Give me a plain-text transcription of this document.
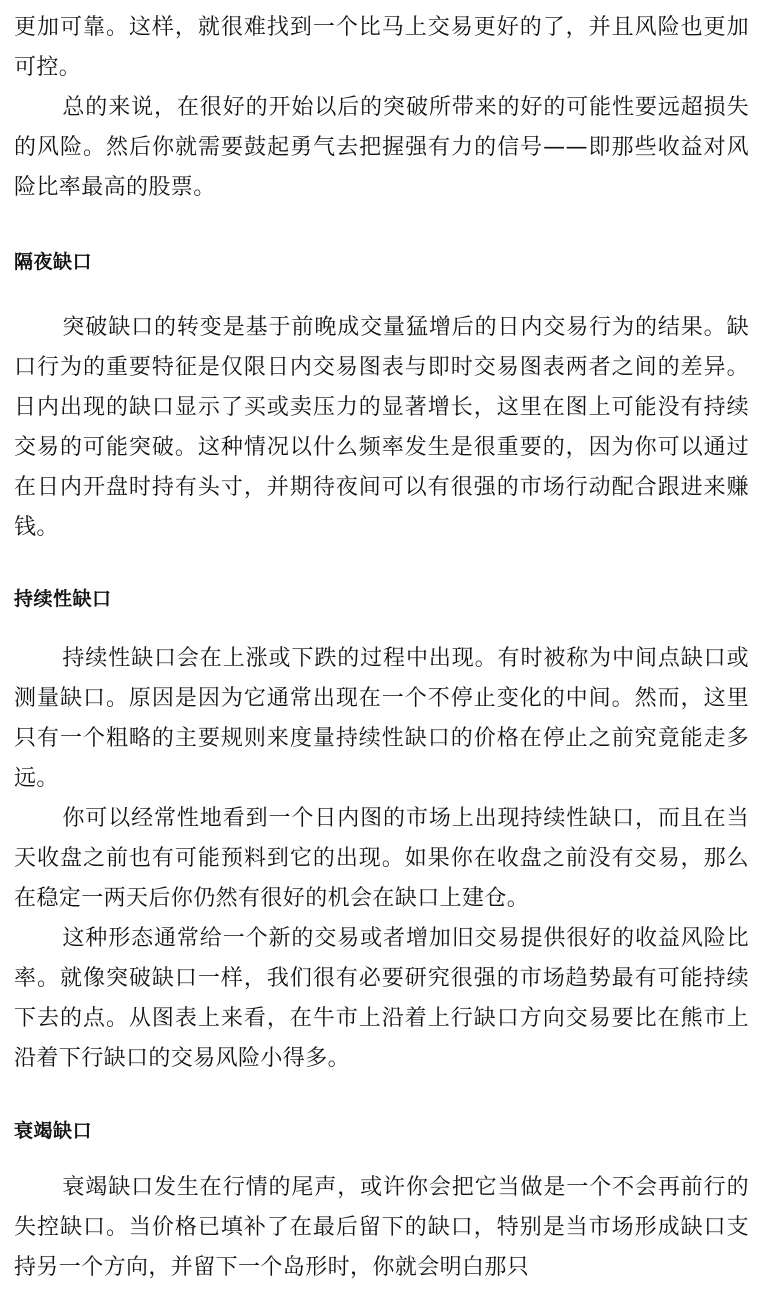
更加可靠。这样，就很难找到一个比马上交易更好的了，并且风险也更加可控。

总的来说，在很好的开始以后的突破所带来的好的可能性要远超损失的风险。然后你就需要鼓起勇气去把握强有力的信号——即那些收益对风险比率最高的股票。

隔夜缺口

突破缺口的转变是基于前晚成交量猛增后的日内交易行为的结果。缺口行为的重要特征是仅限日内交易图表与即时交易图表两者之间的差异。日内出现的缺口显示了买或卖压力的显著增长，这里在图上可能没有持续交易的可能突破。这种情况以什么频率发生是很重要的，因为你可以通过在日内开盘时持有头寸，并期待夜间可以有很强的市场行动配合跟进来赚钱。

持续性缺口

持续性缺口会在上涨或下跌的过程中出现。有时被称为中间点缺口或测量缺口。原因是因为它通常出现在一个不停止变化的中间。然而，这里只有一个粗略的主要规则来度量持续性缺口的价格在停止之前究竟能走多远。

你可以经常性地看到一个日内图的市场上出现持续性缺口，而且在当天收盘之前也有可能预料到它的出现。如果你在收盘之前没有交易，那么在稳定一两天后你仍然有很好的机会在缺口上建仓。

这种形态通常给一个新的交易或者增加旧交易提供很好的收益风险比率。就像突破缺口一样，我们很有必要研究很强的市场趋势最有可能持续下去的点。从图表上来看，在牛市上沿着上行缺口方向交易要比在熊市上沿着下行缺口的交易风险小得多。

衰竭缺口

衰竭缺口发生在行情的尾声，或许你会把它当做是一个不会再前行的失控缺口。当价格已填补了在最后留下的缺口，特别是当市场形成缺口支持另一个方向，并留下一个岛形时，你就会明白那只
